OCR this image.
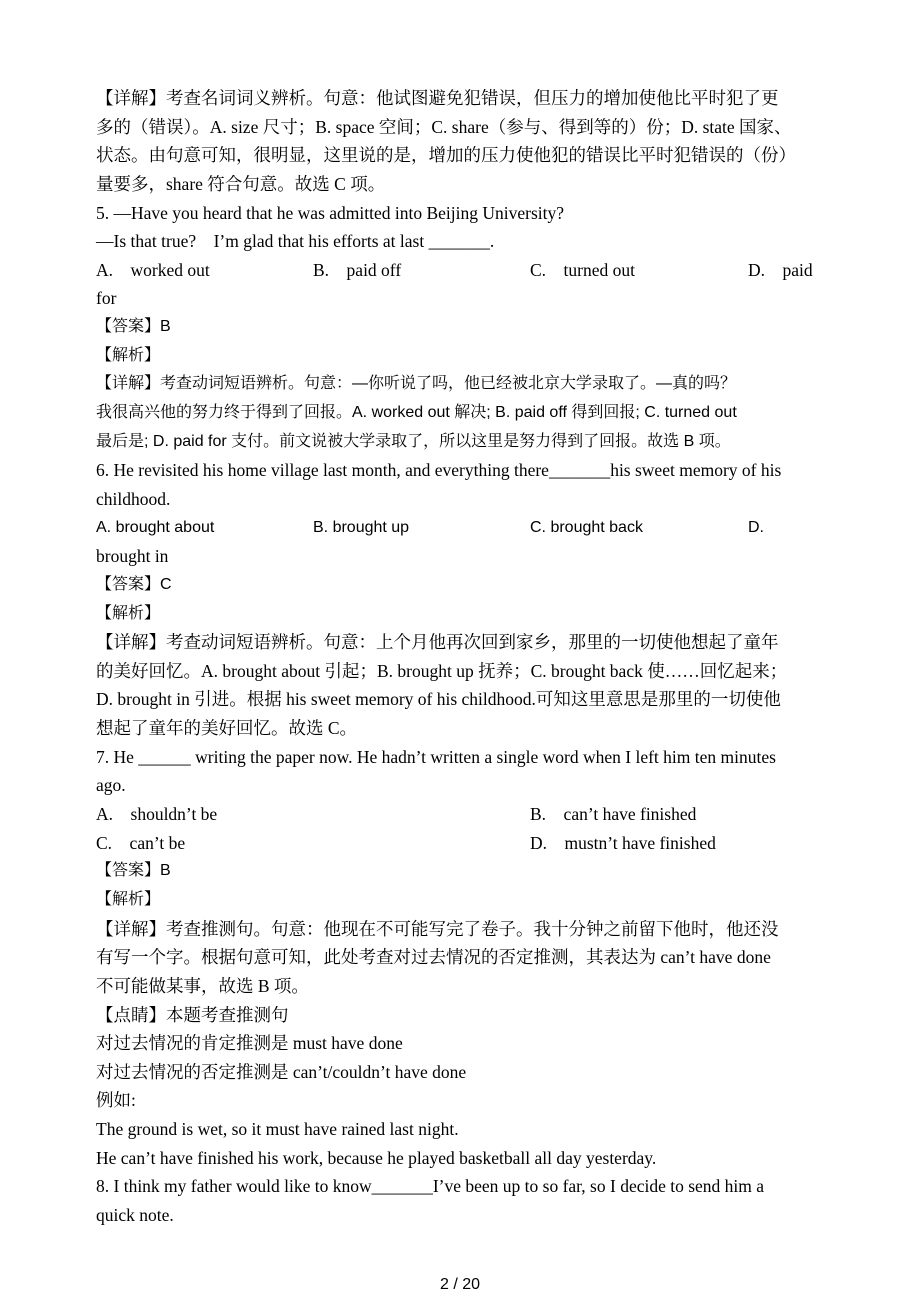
【详解】考查名词词义辨析。句意：他试图避免犯错误，但压力的增加使他比平时犯了更
多的（错误）。A. size 尺寸；B. space 空间；C. share（参与、得到等的）份；D. state 国家、
状态。由句意可知，很明显，这里说的是，增加的压力使他犯的错误比平时犯错误的（份）
量要多，share 符合句意。故选 C 项。
5. —Have you heard that he was admitted into Beijing University?
—Is that true?　I’m glad that his efforts at last _______.
A.　worked out	B.　paid off	C.　turned out	D.　paid
for
【答案】B
【解析】
【详解】考查动词短语辨析。句意：—你听说了吗，他已经被北京大学录取了。—真的吗？
我很高兴他的努力终于得到了回报。A. worked out 解决; B. paid off 得到回报; C. turned out
最后是; D. paid for 支付。前文说被大学录取了，所以这里是努力得到了回报。故选 B 项。
6. He revisited his home village last month, and everything there_______his sweet memory of his
childhood.
A. brought about	B. brought up	C. brought back	D.
brought in
【答案】C
【解析】
【详解】考查动词短语辨析。句意：上个月他再次回到家乡，那里的一切使他想起了童年
的美好回忆。A. brought about 引起；B. brought up 抚养；C. brought back 使……回忆起来；
D. brought in 引进。根据 his sweet memory of his childhood.可知这里意思是那里的一切使他
想起了童年的美好回忆。故选 C。
7. He ______ writing the paper now. He hadn’t written a single word when I left him ten minutes
ago.
A.　shouldn’t be	B.　can’t have finished
C.　can’t be	D.　mustn’t have finished
【答案】B
【解析】
【详解】考查推测句。句意：他现在不可能写完了卷子。我十分钟之前留下他时，他还没
有写一个字。根据句意可知，此处考查对过去情况的否定推测，其表达为 can’t have done
不可能做某事，故选 B 项。
【点睛】本题考查推测句
对过去情况的肯定推测是 must have done
对过去情况的否定推测是 can’t/couldn’t have done
例如:
The ground is wet, so it must have rained last night.
He can’t have finished his work, because he played basketball all day yesterday.
8. I think my father would like to know_______I’ve been up to so far, so I decide to send him a
quick note.
2 / 20
